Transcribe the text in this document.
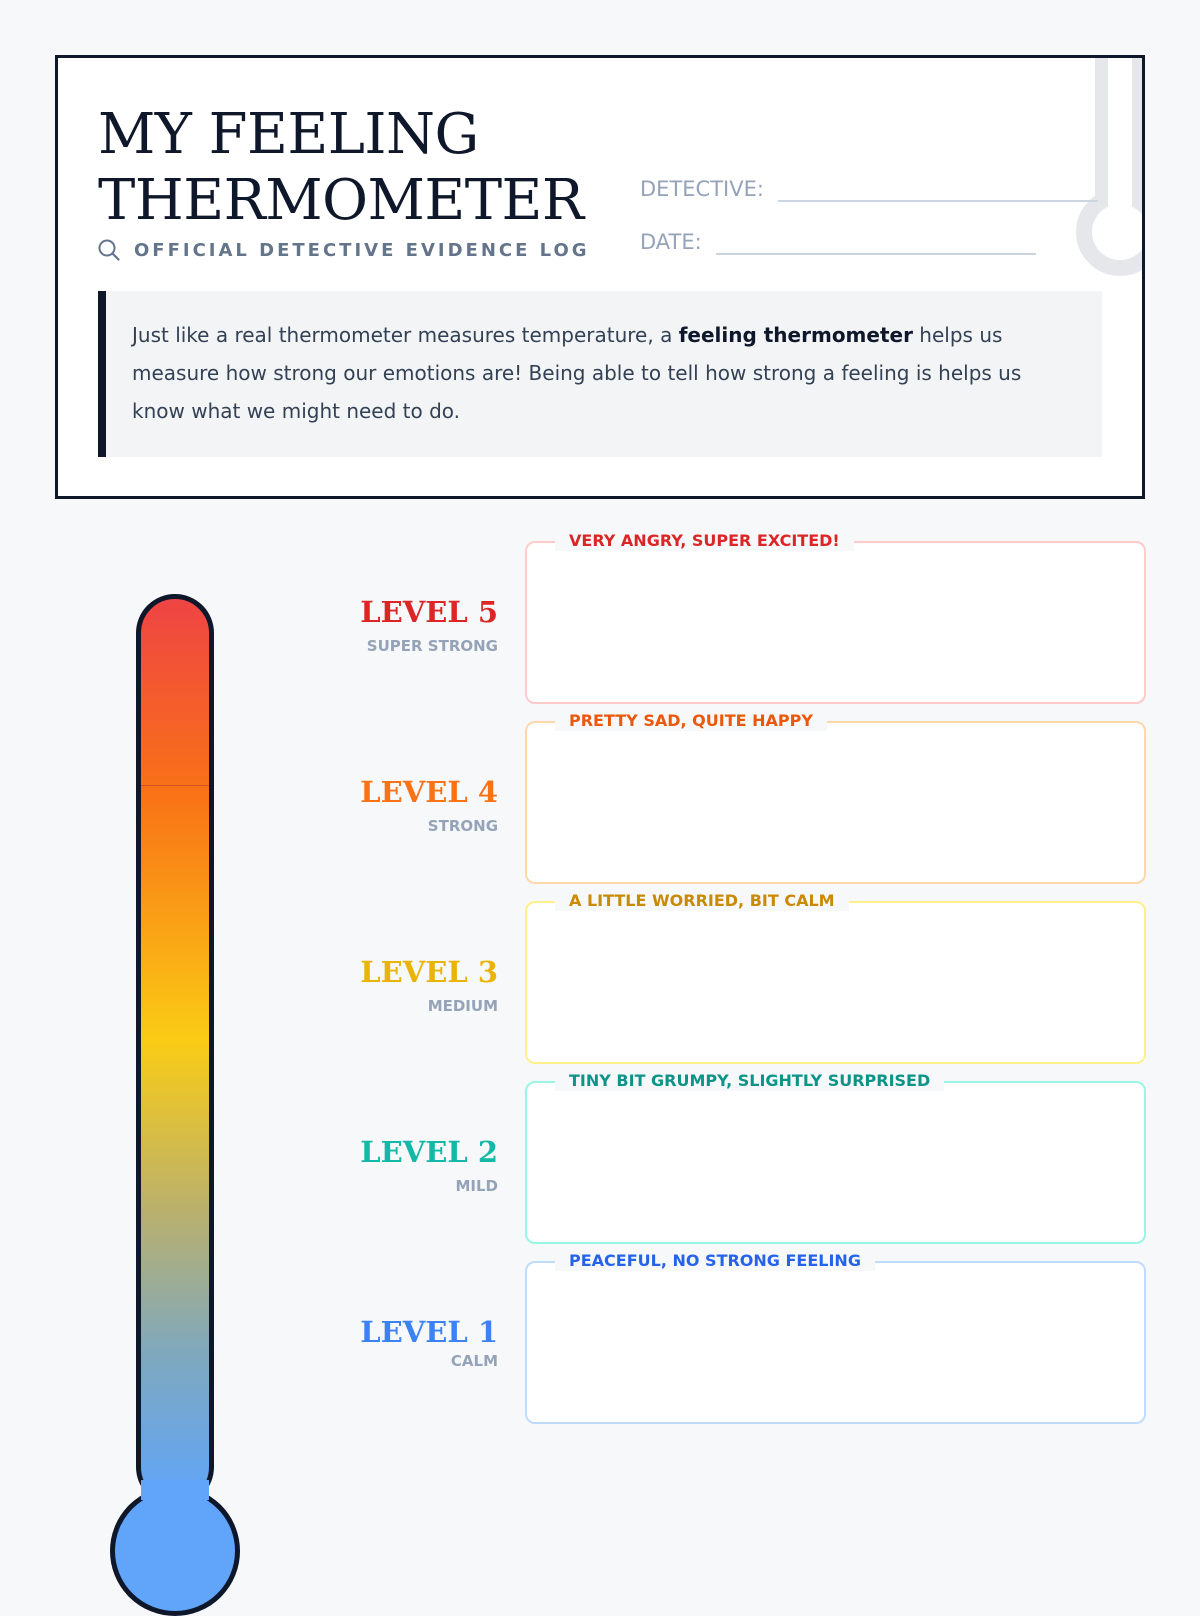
MY FEELING
THERMOMETER
OFFICIAL DETECTIVE EVIDENCE LOG
DETECTIVE:
DATE:
Just like a real thermometer measures temperature, a feeling thermometer helps us measure how strong our emotions are! Being able to tell how strong a feeling is helps us know what we might need to do.
LEVEL 5
SUPER STRONG
VERY ANGRY, SUPER EXCITED!
LEVEL 4
STRONG
PRETTY SAD, QUITE HAPPY
LEVEL 3
MEDIUM
A LITTLE WORRIED, BIT CALM
LEVEL 2
MILD
TINY BIT GRUMPY, SLIGHTLY SURPRISED
LEVEL 1
CALM
PEACEFUL, NO STRONG FEELING
